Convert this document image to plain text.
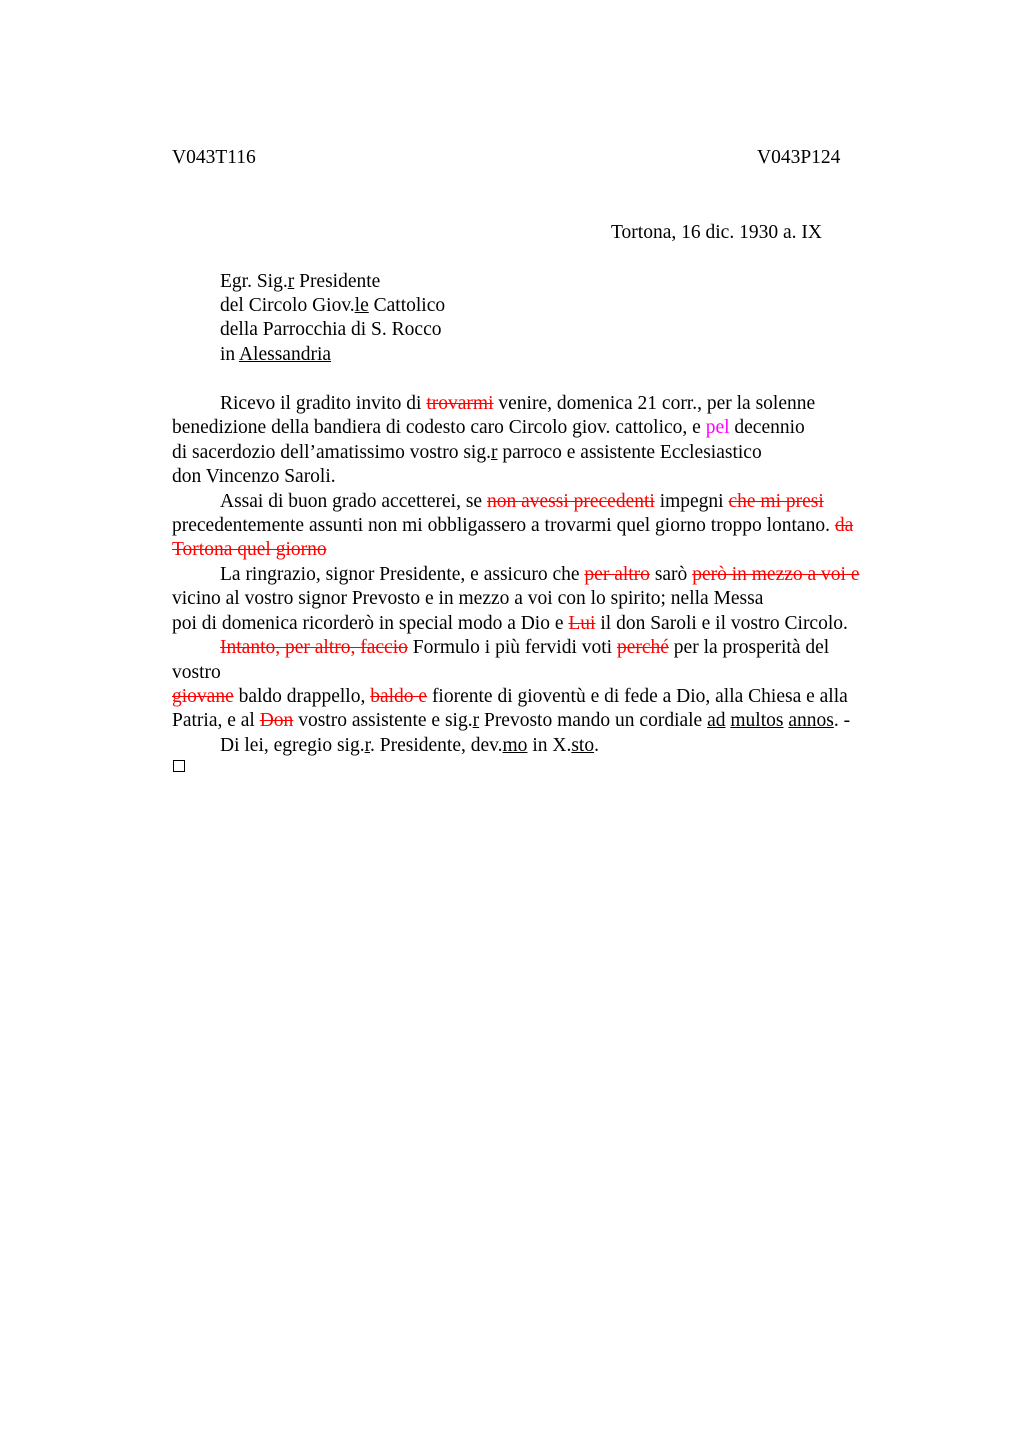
V043T116	V043P124
Tortona, 16 dic. 1930 a. IX
Egr. Sig.r Presidente
del Circolo Giov.le Cattolico
della Parrocchia di S. Rocco
in Alessandria
Ricevo il gradito invito di trovarmi venire, domenica 21 corr., per la solenne
benedizione della bandiera di codesto caro Circolo giov. cattolico, e pel decennio
di sacerdozio dell’amatissimo vostro sig.r parroco e assistente Ecclesiastico
don Vincenzo Saroli.
Assai di buon grado accetterei, se non avessi precedenti impegni che mi presi
precedentemente assunti non mi obbligassero a trovarmi quel giorno troppo lontano. da
Tortona quel giorno
La ringrazio, signor Presidente, e assicuro che per altro sarò però in mezzo a voi e
vicino al vostro signor Prevosto e in mezzo a voi con lo spirito; nella Messa
poi di domenica ricorderò in special modo a Dio e Lui il don Saroli e il vostro Circolo.
Intanto, per altro, faccio Formulo i più fervidi voti perché per la prosperità del
vostro
giovane baldo drappello, baldo e fiorente di gioventù e di fede a Dio, alla Chiesa e alla
Patria, e al Don vostro assistente e sig.r Prevosto mando un cordiale ad multos annos. -
Di lei, egregio sig.r. Presidente, dev.mo in X.sto.
